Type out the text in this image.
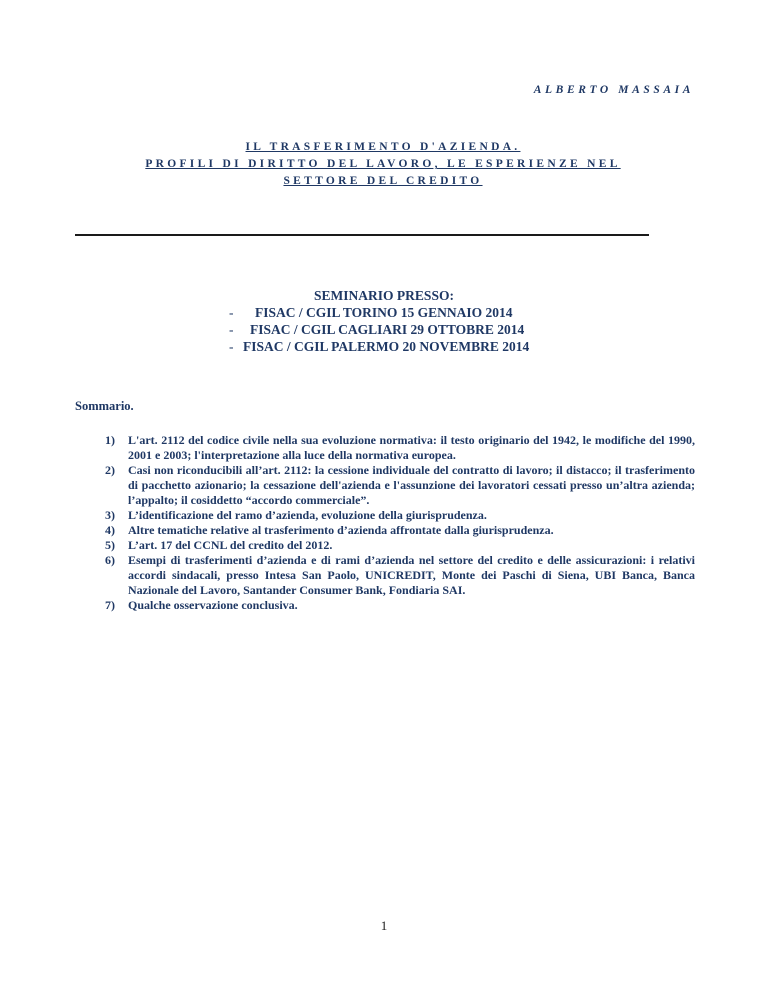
ALBERTO MASSAIA
IL TRASFERIMENTO D'AZIENDA.
PROFILI DI DIRITTO DEL LAVORO, LE ESPERIENZE NEL
SETTORE DEL CREDITO
SEMINARIO PRESSO:
- FISAC / CGIL TORINO 15 GENNAIO 2014
- FISAC / CGIL CAGLIARI 29 OTTOBRE 2014
- FISAC / CGIL PALERMO 20 NOVEMBRE 2014
Sommario.
1) L'art. 2112 del codice civile nella sua evoluzione normativa: il testo originario del 1942, le modifiche del 1990, 2001 e 2003; l'interpretazione alla luce della normativa europea.
2) Casi non riconducibili all’art. 2112: la cessione individuale del contratto di lavoro; il distacco; il trasferimento di pacchetto azionario; la cessazione dell'azienda e l'assunzione dei lavoratori cessati presso un’altra azienda; l’appalto; il cosiddetto “accordo commerciale”.
3) L’identificazione del ramo d’azienda, evoluzione della giurisprudenza.
4) Altre tematiche relative al trasferimento d’azienda affrontate dalla giurisprudenza.
5) L’art. 17 del CCNL del credito del 2012.
6) Esempi di trasferimenti d’azienda e di rami d’azienda nel settore del credito e delle assicurazioni: i relativi accordi sindacali, presso Intesa San Paolo, UNICREDIT, Monte dei Paschi di Siena, UBI Banca, Banca Nazionale del Lavoro, Santander Consumer Bank, Fondiaria SAI.
7) Qualche osservazione conclusiva.
1
